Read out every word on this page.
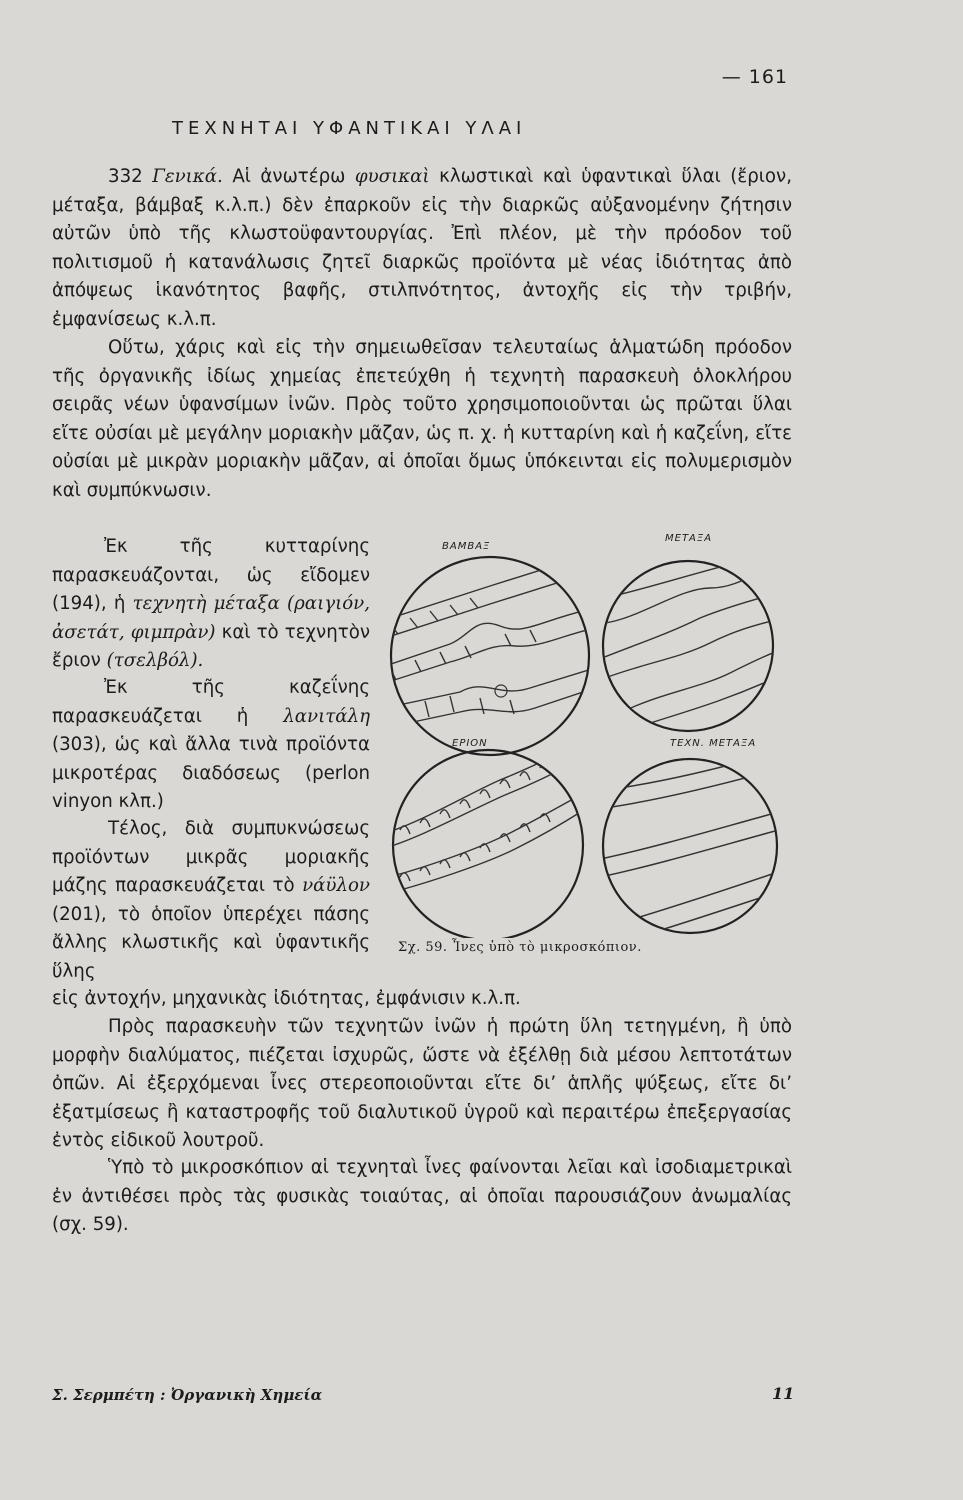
— 161
ΤΕΧΝΗΤΑΙ ΥΦΑΝΤΙΚΑΙ ΥΛΑΙ

332 Γενικά. Αἱ ἀνωτέρω φυσικαὶ κλωστικαὶ καὶ ὑφαντικαὶ ὕλαι (ἔριον, μέταξα, βάμβαξ κ.λ.π.) δὲν ἐπαρκοῦν εἰς τὴν διαρκῶς αὐξανομένην ζήτησιν αὐτῶν ὑπὸ τῆς κλωστοϋφαντουργίας. Ἐπὶ πλέον, μὲ τὴν πρόοδον τοῦ πολιτισμοῦ ἡ κατανάλωσις ζητεῖ διαρκῶς προϊόντα μὲ νέας ἰδιότητας ἀπὸ ἀπόψεως ἱκανότητος βαφῆς, στιλπνότητος, ἀντοχῆς εἰς τὴν τριβήν, ἐμφανίσεως κ.λ.π.

Οὕτω, χάρις καὶ εἰς τὴν σημειωθεῖσαν τελευταίως ἁλματώδη πρόοδον τῆς ὀργανικῆς ἰδίως χημείας ἐπετεύχθη ἡ τεχνητὴ παρασκευὴ ὁλοκλήρου σειρᾶς νέων ὑφανσίμων ἰνῶν. Πρὸς τοῦτο χρησιμοποιοῦνται ὡς πρῶται ὕλαι εἴτε οὐσίαι μὲ μεγάλην μοριακὴν μᾶζαν, ὡς π. χ. ἡ κυτταρίνη καὶ ἡ καζεΐνη, εἴτε οὐσίαι μὲ μικρὰν μοριακὴν μᾶζαν, αἱ ὁποῖαι ὅμως ὑπόκεινται εἰς πολυμερισμὸν καὶ συμπύκνωσιν.

Ἐκ τῆς κυτταρίνης παρασκευάζονται, ὡς εἴδομεν (194), ἡ τεχνητὴ μέταξα (ραιγιόν, ἀσετάτ, φιμπρὰν) καὶ τὸ τεχνητὸν ἔριον (τσελβόλ).

Ἐκ τῆς καζεΐνης παρασκευάζεται ἡ λανιτάλη (303), ὡς καὶ ἄλλα τινὰ προϊόντα μικροτέρας διαδόσεως (perlon vinyon κλπ.)

Τέλος, διὰ συμπυκνώσεως προϊόντων μικρᾶς μοριακῆς μάζης παρασκευάζεται τὸ νάϋλον (201), τὸ ὁποῖον ὑπερέχει πάσης ἄλλης κλωστικῆς καὶ ὑφαντικῆς ὕλης

εἰς ἀντοχήν, μηχανικὰς ἰδιότητας, ἐμφάνισιν κ.λ.π.

Πρὸς παρασκευὴν τῶν τεχνητῶν ἰνῶν ἡ πρώτη ὕλη τετηγμένη, ἢ ὑπὸ μορφὴν διαλύματος, πιέζεται ἰσχυρῶς, ὥστε νὰ ἐξέλθῃ διὰ μέσου λεπτοτάτων ὀπῶν. Αἱ ἐξερχόμεναι ἶνες στερεοποιοῦνται εἴτε δι’ ἁπλῆς ψύξεως, εἴτε δι’ ἐξατμίσεως ἢ καταστροφῆς τοῦ διαλυτικοῦ ὑγροῦ καὶ περαιτέρω ἐπεξεργασίας ἐντὸς εἰδικοῦ λουτροῦ.

Ὑπὸ τὸ μικροσκόπιον αἱ τεχνηταὶ ἶνες φαίνονται λεῖαι καὶ ἰσοδιαμετρικαὶ ἐν ἀντιθέσει πρὸς τὰς φυσικὰς τοιαύτας, αἱ ὁποῖαι παρουσιάζουν ἀνωμαλίας (σχ. 59).

ΒΑΜΒΑΞ
ΜΕΤΑΞΑ
ΕΡΙΟΝ	ΤΕΧΝ. ΜΕΤΑΞΑ
Σχ. 59. Ἶνες ὑπὸ τὸ μικροσκόπιον.
Σ. Σερμπέτη : Ὀργανικὴ Χημεία	11
